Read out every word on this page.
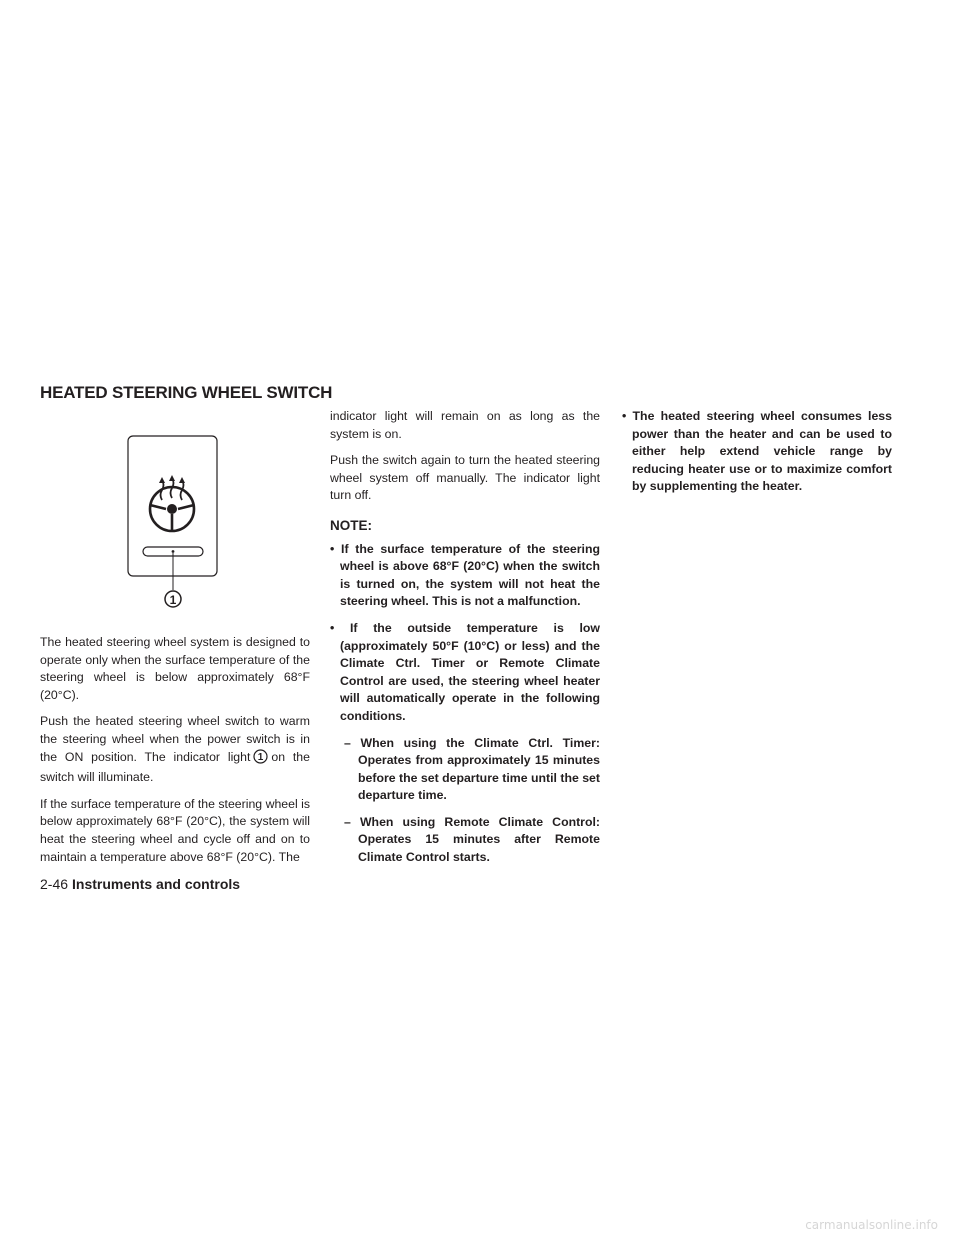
HEATED STEERING WHEEL SWITCH
1

The heated steering wheel system is designed to operate only when the surface temperature of the steering wheel is below approximately 68°F (20°C).

Push the heated steering wheel switch to warm the steering wheel when the power switch is in the ON position. The indicator light 1 on the switch will illuminate.

If the surface temperature of the steering wheel is below approximately 68°F (20°C), the system will heat the steering wheel and cycle off and on to maintain a temperature above 68°F (20°C). The

indicator light will remain on as long as the system is on.

Push the switch again to turn the heated steering wheel system off manually. The indicator light turn off.

NOTE:

• If the surface temperature of the steering wheel is above 68°F (20°C) when the switch is turned on, the system will not heat the steering wheel. This is not a malfunction.

• If the outside temperature is low (approximately 50°F (10°C) or less) and the Climate Ctrl. Timer or Remote Climate Control are used, the steering wheel heater will automatically operate in the following conditions.

– When using the Climate Ctrl. Timer: Operates from approximately 15 minutes before the set departure time until the set departure time.

– When using Remote Climate Control: Operates 15 minutes after Remote Climate Control starts.

• The heated steering wheel consumes less power than the heater and can be used to either help extend vehicle range by reducing heater use or to maximize comfort by supplementing the heater.

2-46 Instruments and controls
carmanualsonline.info
